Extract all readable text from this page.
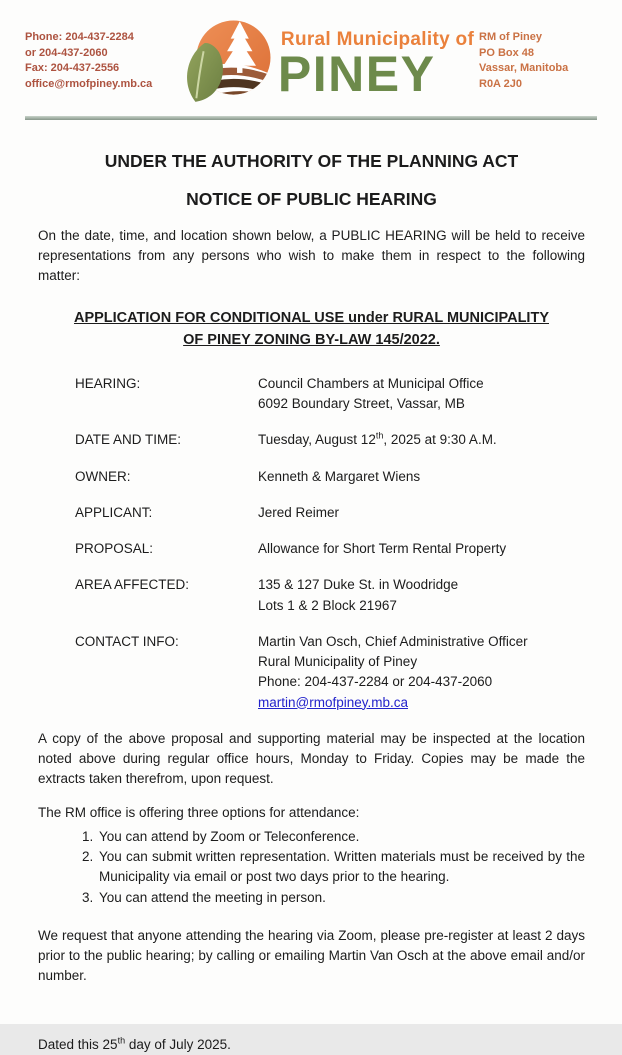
Phone: 204-437-2284
or 204-437-2060
Fax: 204-437-2556
office@rmofpiney.mb.ca
Rural Municipality of
PINEY
RM of Piney
PO Box 48
Vassar, Manitoba
R0A 2J0
UNDER THE AUTHORITY OF THE PLANNING ACT
NOTICE OF PUBLIC HEARING

On the date, time, and location shown below, a PUBLIC HEARING will be held to receive representations from any persons who wish to make them in respect to the following matter:

APPLICATION FOR CONDITIONAL USE under RURAL MUNICIPALITY
OF PINEY ZONING BY-LAW 145/2022.
HEARING:	Council Chambers at Municipal Office
6092 Boundary Street, Vassar, MB
DATE AND TIME:	Tuesday, August 12th, 2025 at 9:30 A.M.
OWNER:	Kenneth & Margaret Wiens
APPLICANT:	Jered Reimer
PROPOSAL:	Allowance for Short Term Rental Property
AREA AFFECTED:	135 & 127 Duke St. in Woodridge
Lots 1 & 2 Block 21967
CONTACT INFO:	Martin Van Osch, Chief Administrative Officer
Rural Municipality of Piney
Phone: 204-437-2284 or 204-437-2060
martin@rmofpiney.mb.ca

A copy of the above proposal and supporting material may be inspected at the location noted above during regular office hours, Monday to Friday. Copies may be made the extracts taken therefrom, upon request.

The RM office is offering three options for attendance:

1. You can attend by Zoom or Teleconference.
2. You can submit written representation. Written materials must be received by the Municipality via email or post two days prior to the hearing.
3. You can attend the meeting in person.

We request that anyone attending the hearing via Zoom, please pre-register at least 2 days prior to the public hearing; by calling or emailing Martin Van Osch at the above email and/or number.

Dated this 25th day of July 2025.
